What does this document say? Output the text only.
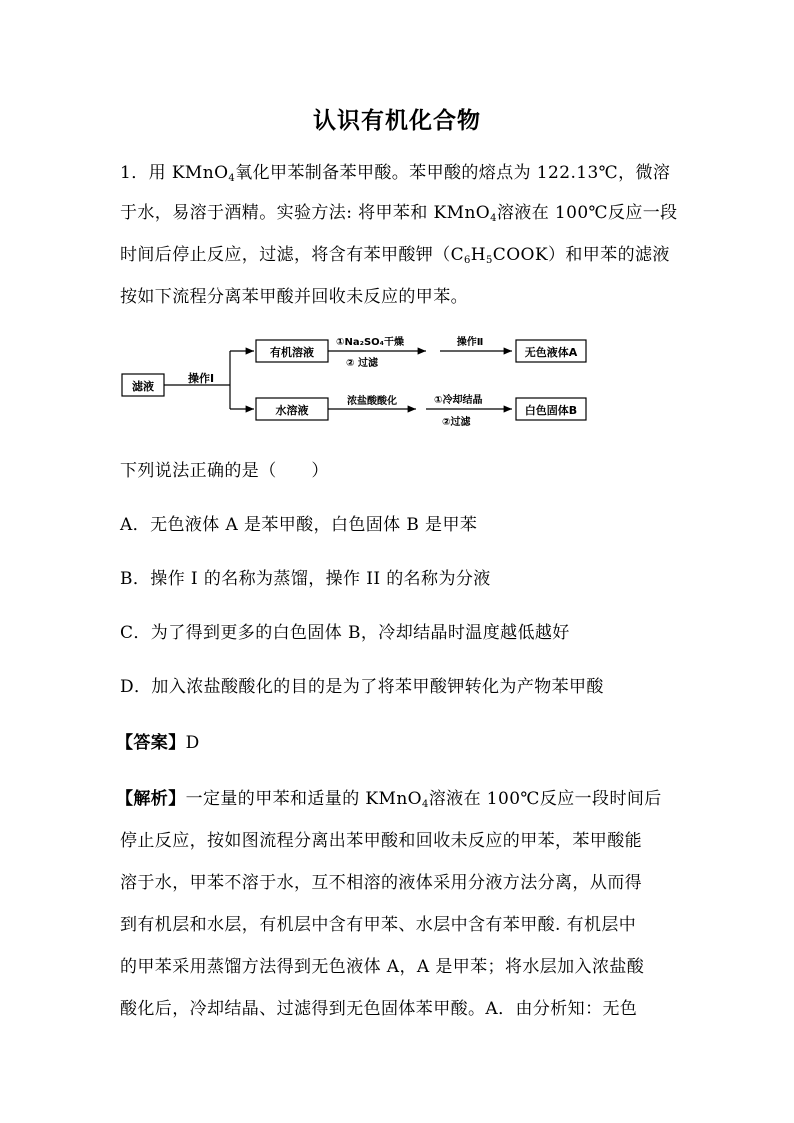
认识有机化合物
1．用 KMnO$_4$氧化甲苯制备苯甲酸。苯甲酸的熔点为 122.13℃，微溶
于水，易溶于酒精。实验方法: 将甲苯和 KMnO$_4$溶液在 100℃反应一段
时间后停止反应，过滤，将含有苯甲酸钾$(C_6H_5COOK)$和甲苯的滤液
按如下流程分离苯甲酸并回收未反应的甲苯。
滤液
操作Ⅰ
有机溶液
①Na₂SO₄干燥
② 过滤
操作Ⅱ
无色液体A
水溶液
浓盐酸酸化	①冷却结晶
②过滤
白色固体B
下列说法正确的是（　　）
A．无色液体 A 是苯甲酸，白色固体 B 是甲苯
B．操作 I 的名称为蒸馏，操作 II 的名称为分液
C．为了得到更多的白色固体 B，冷却结晶时温度越低越好
D．加入浓盐酸酸化的目的是为了将苯甲酸钾转化为产物苯甲酸
【答案】D
【解析】一定量的甲苯和适量的 KMnO$_4$溶液在 100℃反应一段时间后
停止反应，按如图流程分离出苯甲酸和回收未反应的甲苯，苯甲酸能
溶于水，甲苯不溶于水，互不相溶的液体采用分液方法分离，从而得
到有机层和水层，有机层中含有甲苯、水层中含有苯甲酸. 有机层中
的甲苯采用蒸馏方法得到无色液体 A，A 是甲苯；将水层加入浓盐酸
酸化后，冷却结晶、过滤得到无色固体苯甲酸。A．由分析知：无色
